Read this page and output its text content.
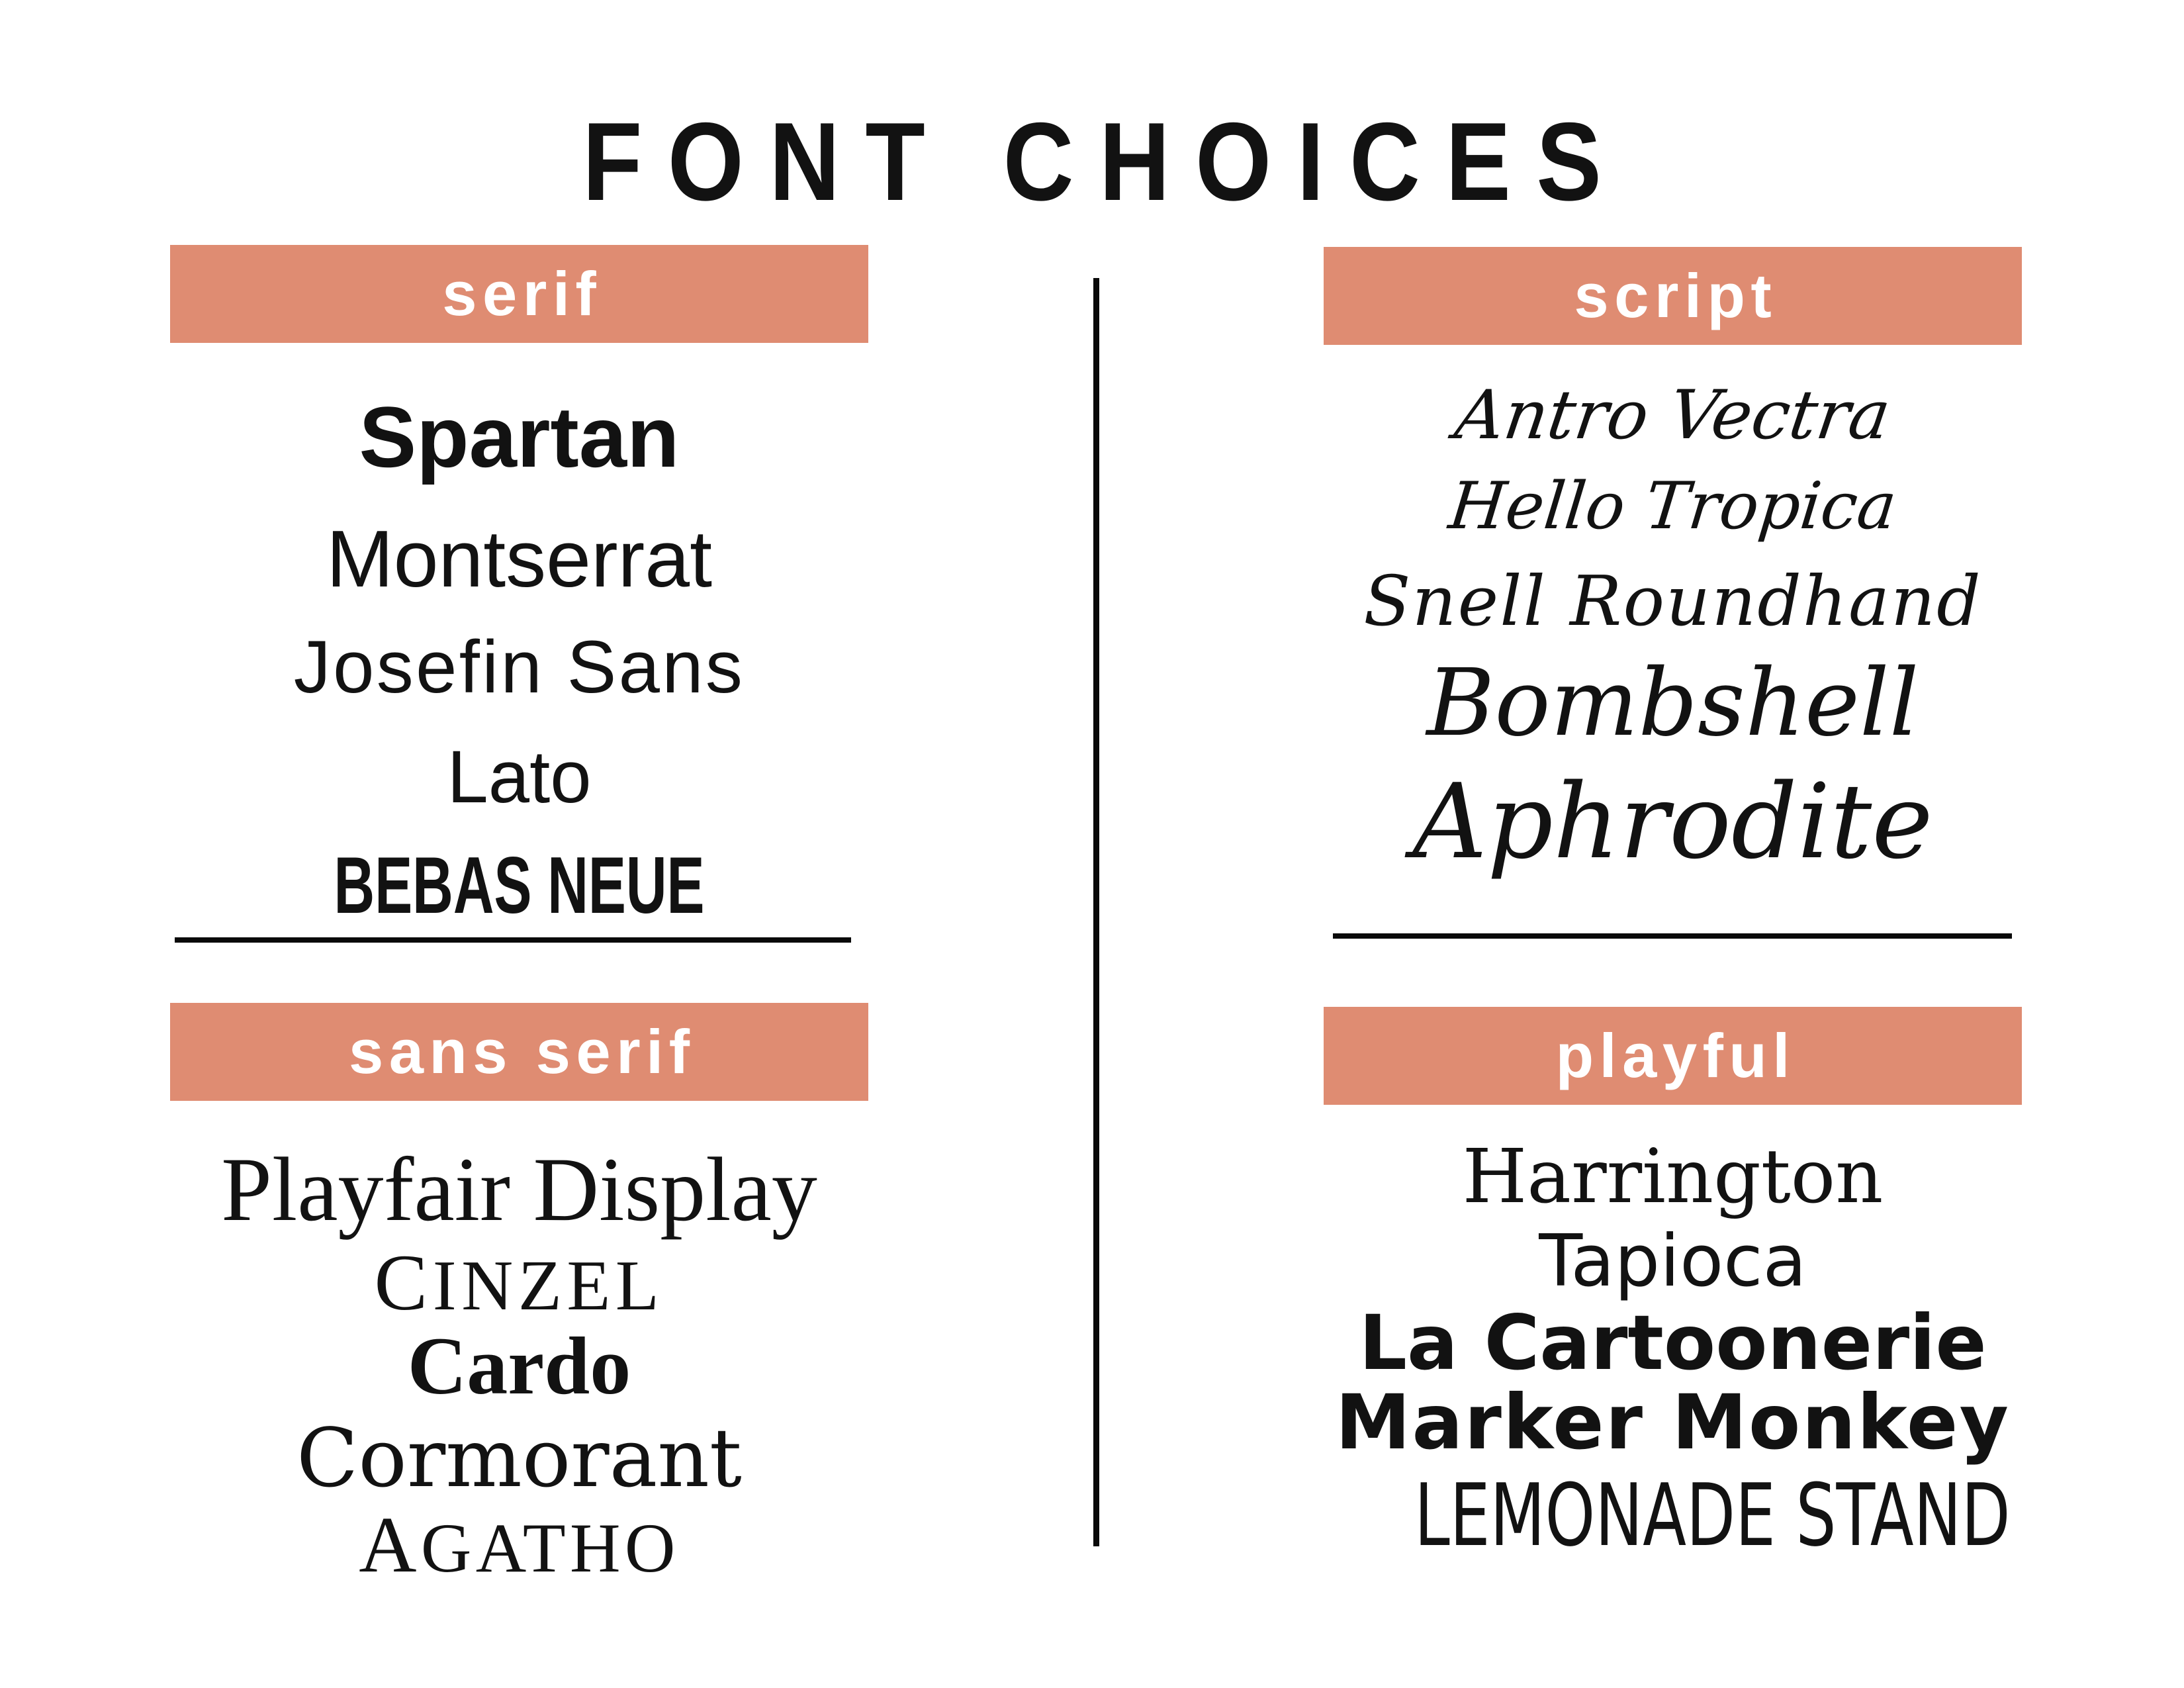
FONT CHOICES
serif	script
sans serif	playful
Spartan
Montserrat
Josefin Sans
Lato
BEBAS NEUE
Antro Vectra
Hello Tropica
Snell Roundhand
Bombshell
Aphrodite
Playfair Display
CINZEL
Cardo
Cormorant
AGATHO
Harrington
Tapioca
La Cartoonerie
Marker Monkey
LEMONADE STAND
